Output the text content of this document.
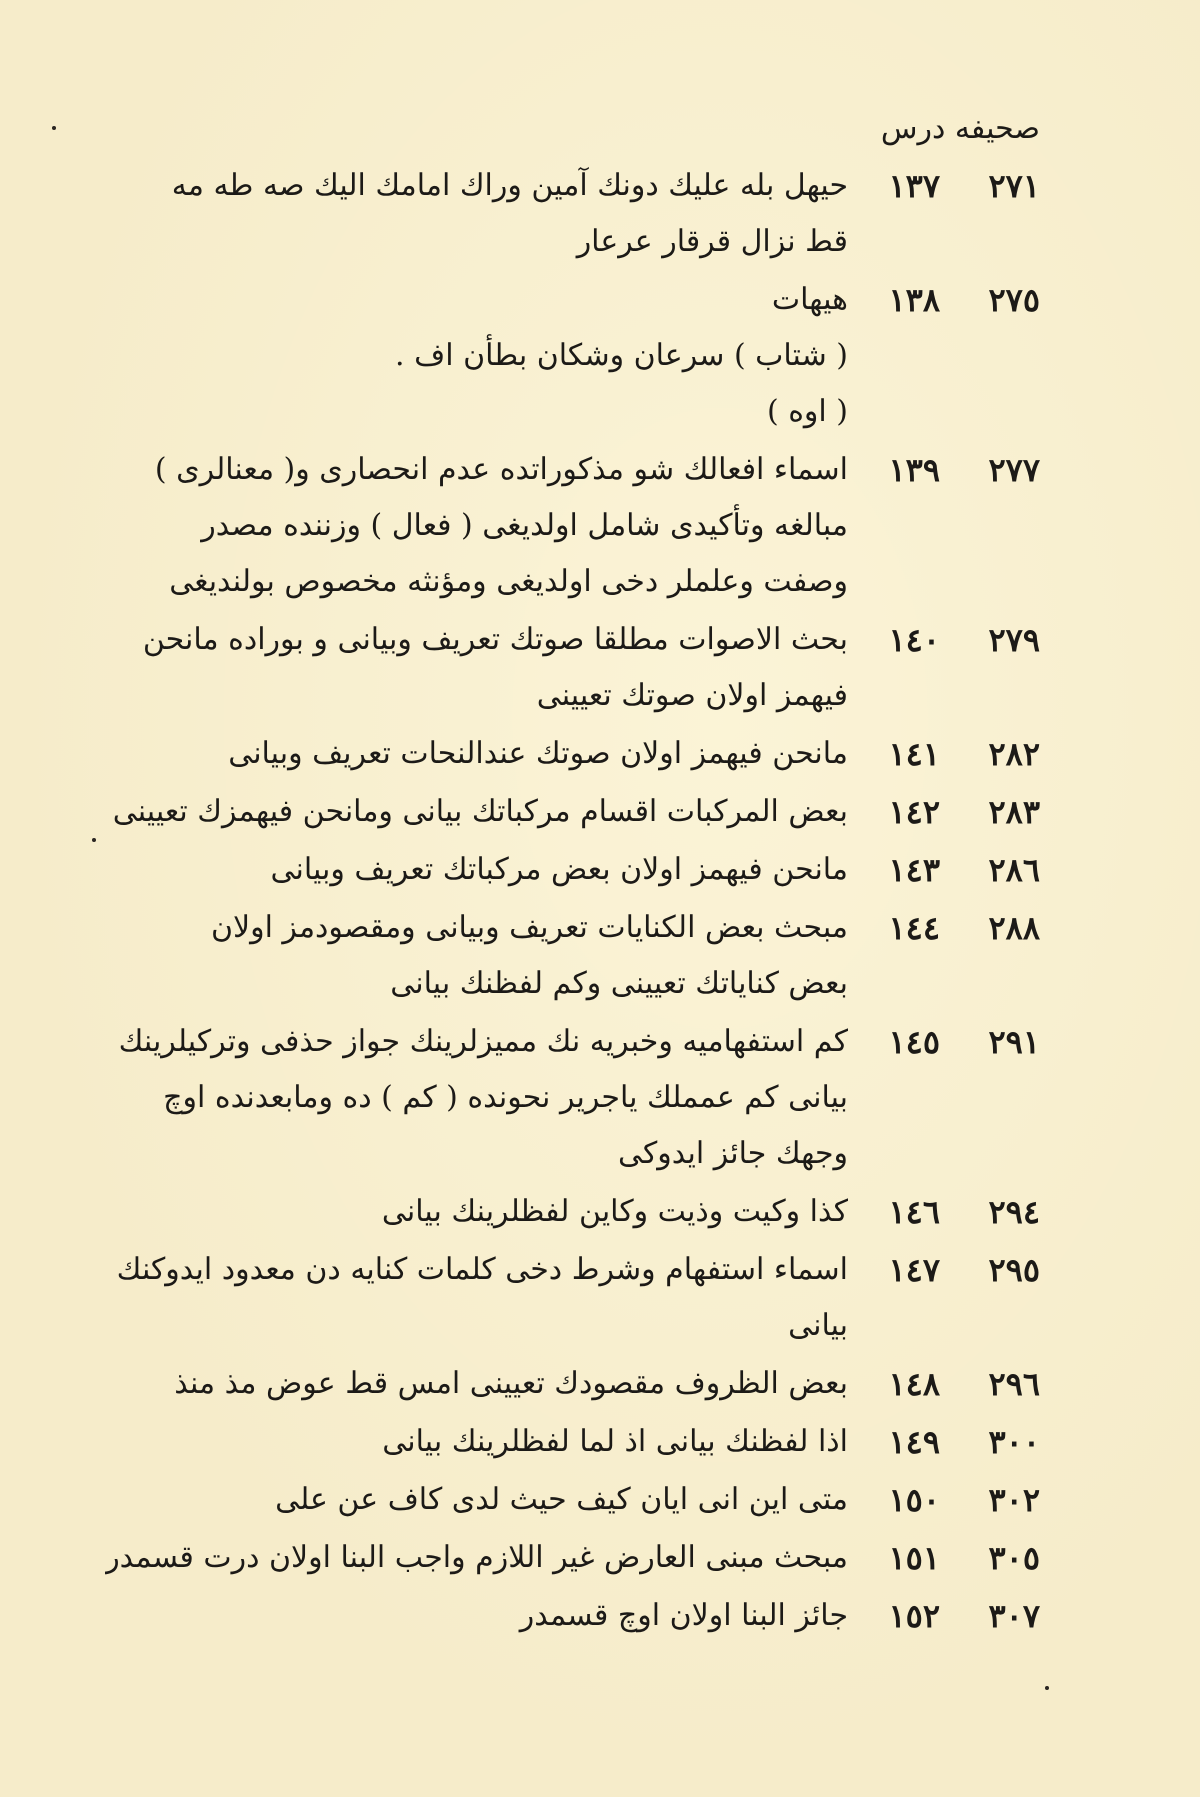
صحيفه درس
٢٧١
١٣٧
حيهل بله عليك دونك آمين وراك امامك اليك صه طه مه
قط نزال قرقار عرعار
٢٧٥
١٣٨
هيهات
( شتاب ) سرعان وشكان بطأن اف .
( اوه )
٢٧٧
١٣٩
اسماء افعالك شو مذكوراتده عدم انحصاری و( معنالری )
مبالغه وتأكيدى شامل اولديغى ( فعال ) وزننده مصدر
وصفت وعلملر دخى اولديغى ومؤنثه مخصوص بولنديغى
٢٧٩
١٤٠
بحث الاصوات مطلقا صوتك تعريف وبيانى و بوراده مانحن
فيهمز اولان صوتك تعيينى
٢٨٢
١٤١
مانحن فيهمز اولان صوتك عندالنحات تعريف وبيانى
٢٨٣
١٤٢
بعض المركبات اقسام مركباتك بيانى ومانحن فيهمزك تعيينى
٢٨٦
١٤٣
مانحن فيهمز اولان بعض مركباتك تعريف وبيانى
٢٨٨
١٤٤
مبحث بعض الكنايات تعريف وبيانى ومقصودمز اولان
بعض كناياتك تعيينى وكم لفظنك بيانى
٢٩١
١٤٥
كم استفهاميه وخبريه نك مميزلرينك جواز حذفى وتركيلرينك
بيانى كم عمملك ياجرير نحونده ( كم ) ده ومابعدنده اوچ
وجهك جائز ايدوكى
٢٩٤
١٤٦
كذا وكيت وذيت وكاين لفظلرينك بيانى
٢٩٥
١٤٧
اسماء استفهام وشرط دخى كلمات كنايه دن معدود ايدوكنك
بيانى
٢٩٦
١٤٨
بعض الظروف مقصودك تعيينى امس قط عوض مذ منذ
٣٠٠
١٤٩
اذا لفظنك بيانى اذ لما لفظلرينك بيانى
٣٠٢
١٥٠
متى اين انى ايان كيف حيث لدى كاف عن على
٣٠٥
١٥١
مبحث مبنى العارض غير اللازم واجب البنا اولان درت قسمدر
٣٠٧
١٥٢
جائز البنا اولان اوچ قسمدر
